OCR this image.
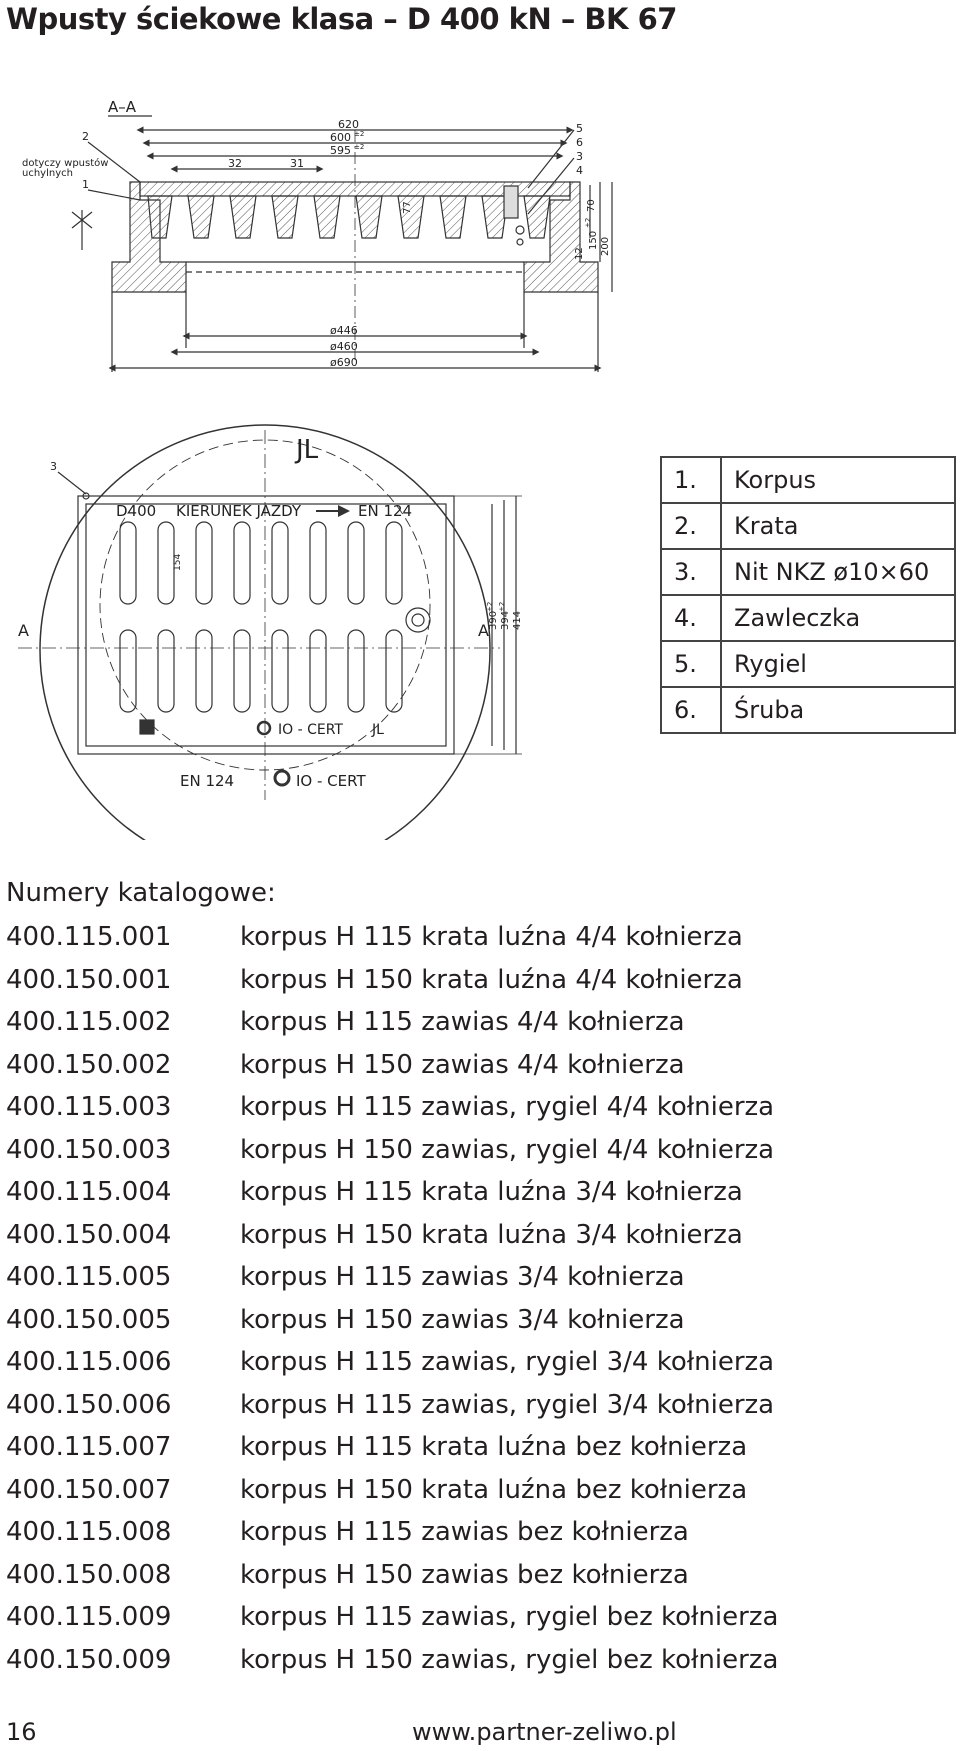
Wpusty ściekowe klasa – D 400 kN – BK 67
A–A
dotyczy wpustów
uchylnych
2
1
620
600 ±2
595 ±2
32	31
70
77
12
150
±2
200
5
6
3
4
ø446
ø460
ø690
JL
A	A
D400 KIERUNEK JAZDY	EN 124
IO - CERT JL
154
390
±2
394
±2
414
3
EN 124	IO - CERT
1.	Korpus
2.	Krata
3.	Nit NKZ ø10×60
4.	Zawleczka
5.	Rygiel
6.	Śruba
Numery katalogowe:
400.115.001	korpus H 115 krata luźna 4/4 kołnierza
400.150.001	korpus H 150 krata luźna 4/4 kołnierza
400.115.002	korpus H 115 zawias 4/4 kołnierza
400.150.002	korpus H 150 zawias 4/4 kołnierza
400.115.003	korpus H 115 zawias, rygiel 4/4 kołnierza
400.150.003	korpus H 150 zawias, rygiel 4/4 kołnierza
400.115.004	korpus H 115 krata luźna 3/4 kołnierza
400.150.004	korpus H 150 krata luźna 3/4 kołnierza
400.115.005	korpus H 115 zawias 3/4 kołnierza
400.150.005	korpus H 150 zawias 3/4 kołnierza
400.115.006	korpus H 115 zawias, rygiel 3/4 kołnierza
400.150.006	korpus H 115 zawias, rygiel 3/4 kołnierza
400.115.007	korpus H 115 krata luźna bez kołnierza
400.150.007	korpus H 150 krata luźna bez kołnierza
400.115.008	korpus H 115 zawias bez kołnierza
400.150.008	korpus H 150 zawias bez kołnierza
400.115.009	korpus H 115 zawias, rygiel bez kołnierza
400.150.009	korpus H 150 zawias, rygiel bez kołnierza
16	www.partner-zeliwo.pl
